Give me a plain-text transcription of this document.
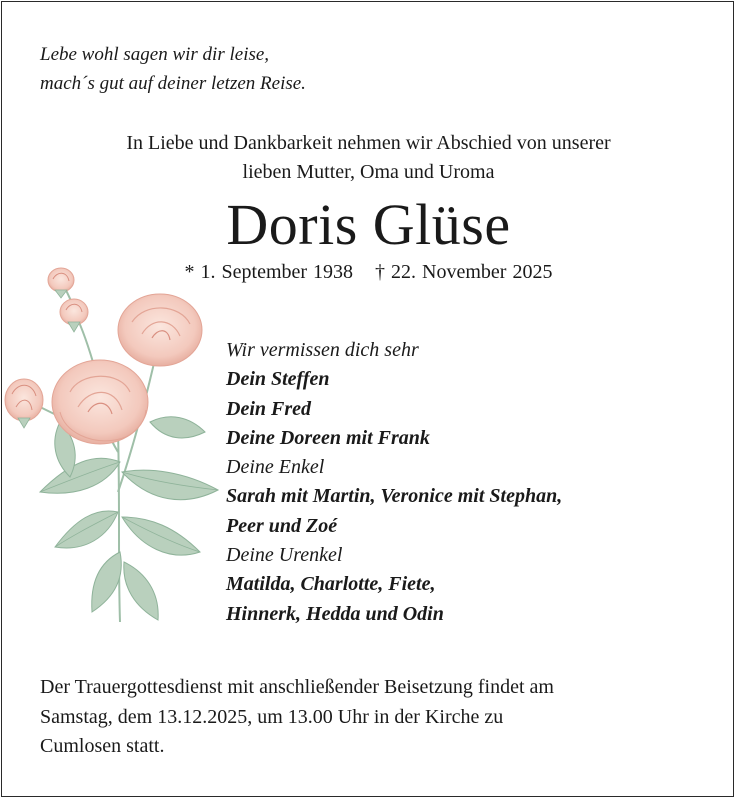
Lebe wohl sagen wir dir leise,
mach´s gut auf deiner letzen Reise.
In Liebe und Dankbarkeit nehmen wir Abschied von unserer
lieben Mutter, Oma und Uroma
Doris Glüse
* 1. September 1938 † 22. November 2025
Wir vermissen dich sehr
Dein Steffen
Dein Fred
Deine Doreen mit Frank
Deine Enkel
Sarah mit Martin, Veronice mit Stephan,
Peer und Zoé
Deine Urenkel
Matilda, Charlotte, Fiete,
Hinnerk, Hedda und Odin
Der Trauergottesdienst mit anschließender Beisetzung findet am
Samstag, dem 13.12.2025, um 13.00 Uhr in der Kirche zu
Cumlosen statt.
